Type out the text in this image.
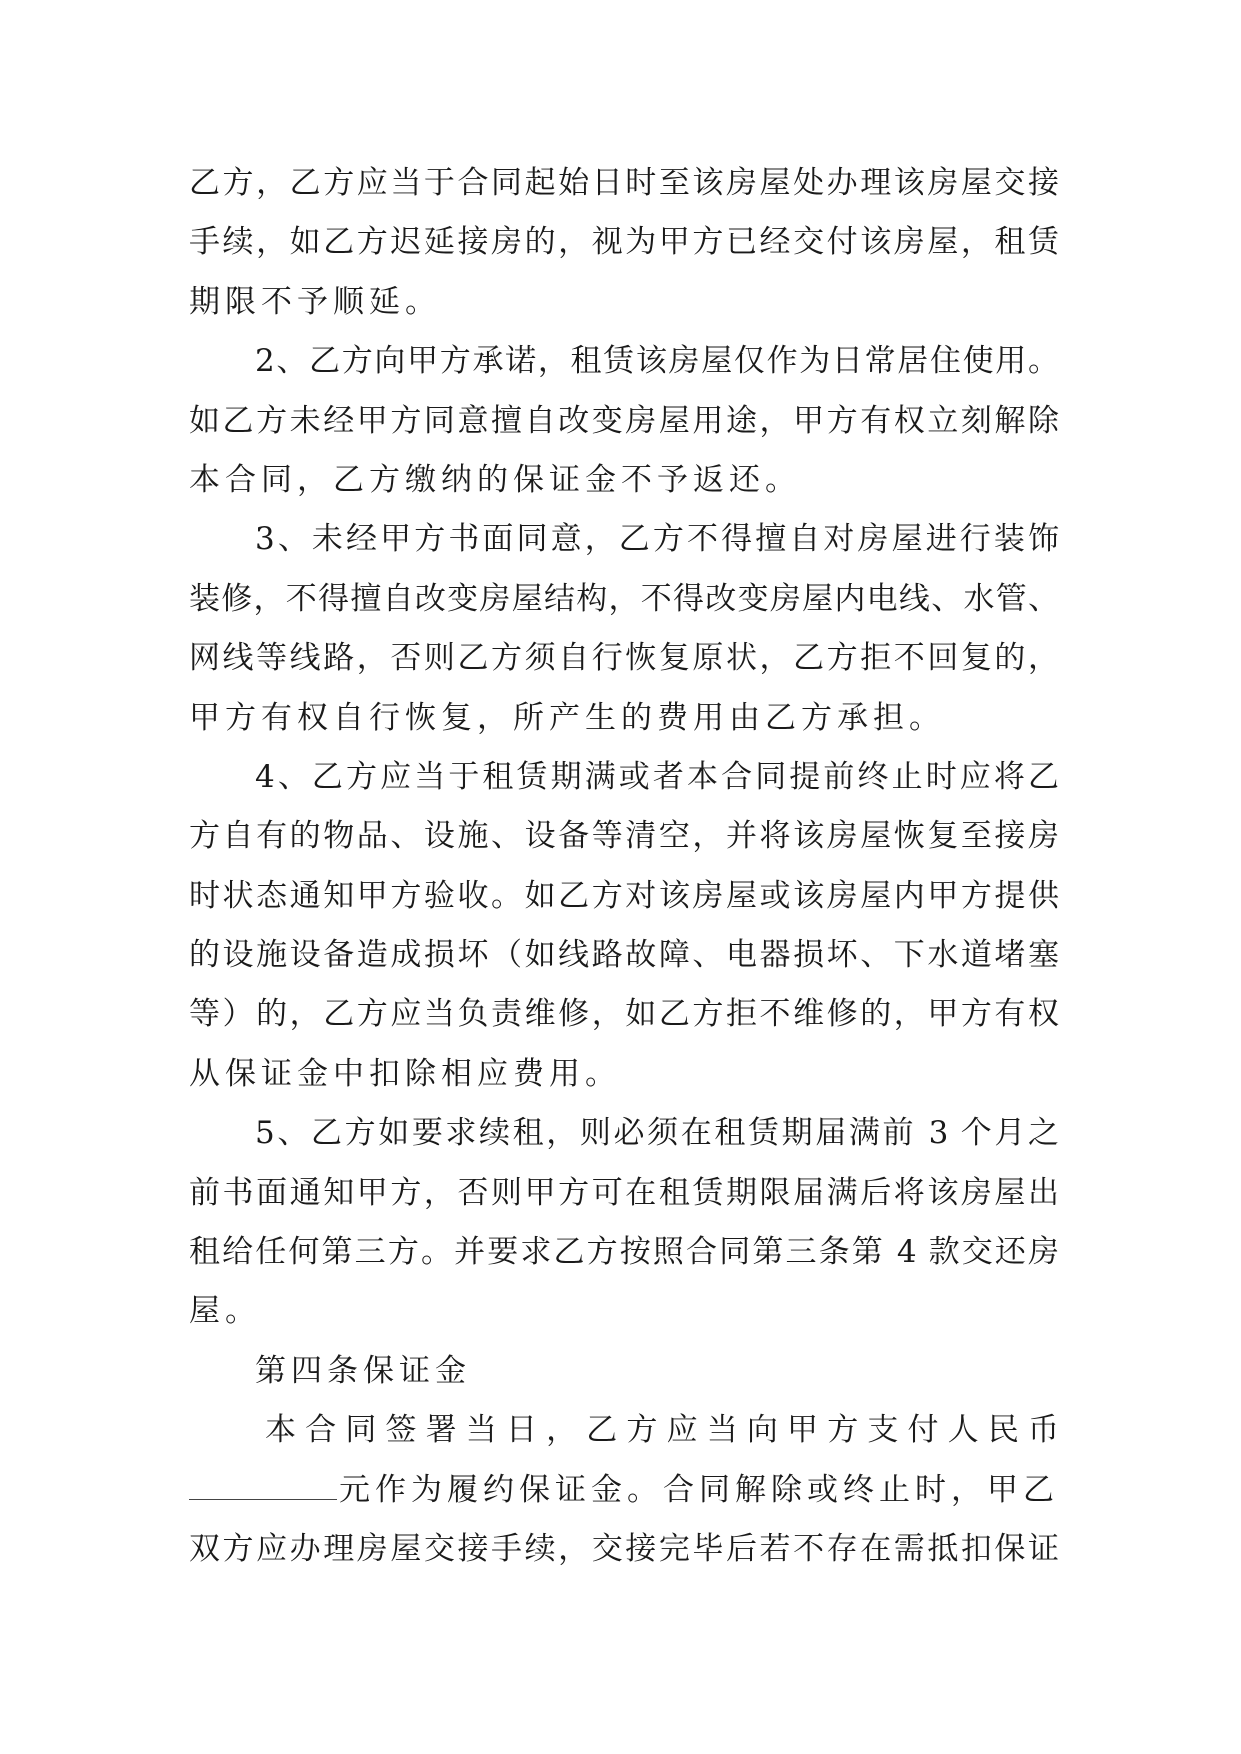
乙方，乙方应当于合同起始日时至该房屋处办理该房屋交接
手续，如乙方迟延接房的，视为甲方已经交付该房屋，租赁
期限不予顺延。
2、乙方向甲方承诺，租赁该房屋仅作为日常居住使用。
如乙方未经甲方同意擅自改变房屋用途，甲方有权立刻解除
本合同，乙方缴纳的保证金不予返还。
3、未经甲方书面同意，乙方不得擅自对房屋进行装饰
装修，不得擅自改变房屋结构，不得改变房屋内电线、水管、
网线等线路，否则乙方须自行恢复原状，乙方拒不回复的，
甲方有权自行恢复，所产生的费用由乙方承担。
4、乙方应当于租赁期满或者本合同提前终止时应将乙
方自有的物品、设施、设备等清空，并将该房屋恢复至接房
时状态通知甲方验收。如乙方对该房屋或该房屋内甲方提供
的设施设备造成损坏（如线路故障、电器损坏、下水道堵塞
等）的，乙方应当负责维修，如乙方拒不维修的，甲方有权
从保证金中扣除相应费用。
5、乙方如要求续租，则必须在租赁期届满前 3 个月之
前书面通知甲方，否则甲方可在租赁期限届满后将该房屋出
租给任何第三方。并要求乙方按照合同第三条第 4 款交还房
屋。
第四条保证金
本合同签署当日，乙方应当向甲方支付人民币
元作为履约保证金。合同解除或终止时，甲乙
双方应办理房屋交接手续，交接完毕后若不存在需抵扣保证
